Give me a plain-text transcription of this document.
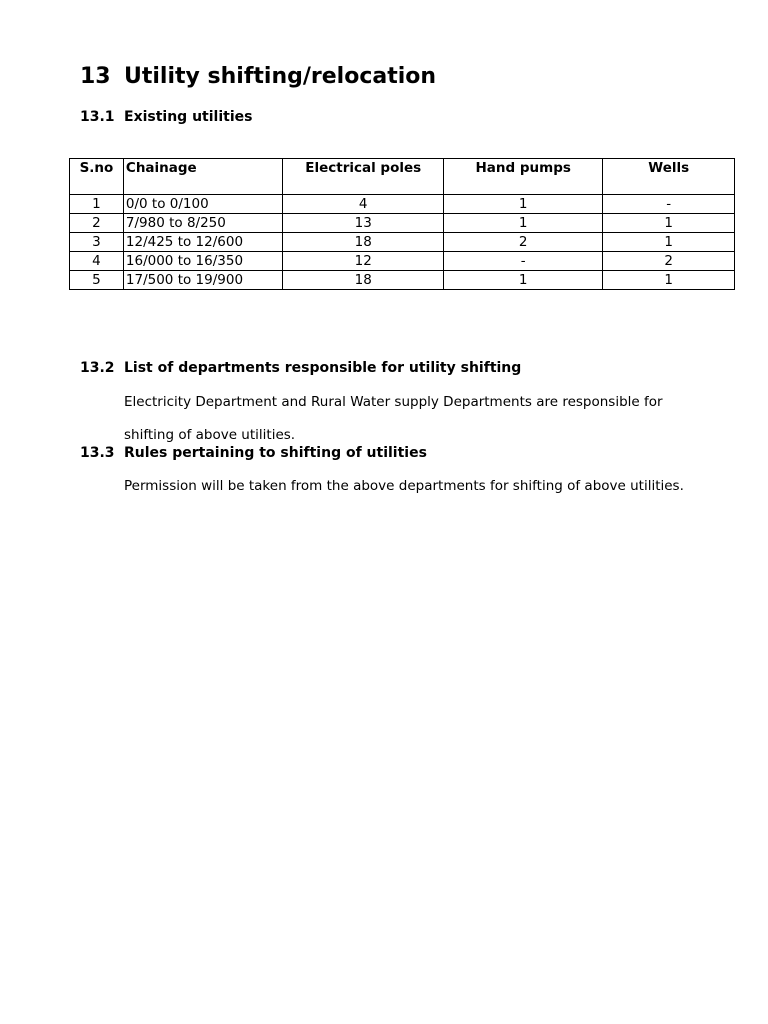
13 Utility shifting/relocation
13.1 Existing utilities
S.no	Chainage	Electrical poles	Hand pumps	Wells
1	0/0 to 0/100	4	1	-
2	7/980 to 8/250	13	1	1
3	12/425 to 12/600	18	2	1
4	16/000 to 16/350	12	-	2
5	17/500 to 19/900	18	1	1
13.2 List of departments responsible for utility shifting
Electricity Department and Rural Water supply Departments are responsible for
shifting of above utilities.
13.3 Rules pertaining to shifting of utilities
Permission will be taken from the above departments for shifting of above utilities.
